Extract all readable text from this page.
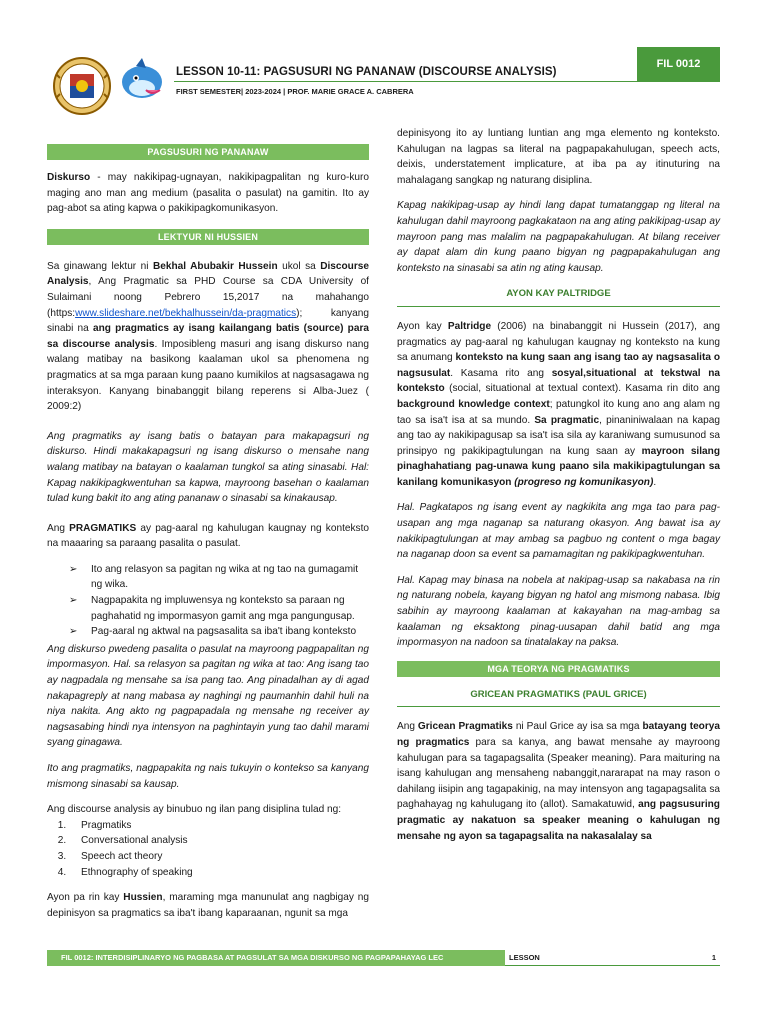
LESSON 10-11: PAGSUSURI NG PANANAW (DISCOURSE ANALYSIS)
FIRST SEMESTER| 2023-2024 | PROF. MARIE GRACE A. CABRERA
FIL 0012
PAGSUSURI NG PANANAW

Diskurso - may nakikipag-ugnayan, nakikipagpalitan ng kuro-kuro maging ano man ang medium (pasalita o pasulat) na gamitin. Ito ay pag-abot sa ating kapwa o pakikipagkomunikasyon.

LEKTYUR NI HUSSIEN

Sa ginawang lektur ni Bekhal Abubakir Hussein ukol sa Discourse Analysis, Ang Pragmatic sa PHD Course sa CDA University of Sulaimani noong Pebrero 15,2017 na mahahango (https:www.slideshare.net/bekhalhussein/da-pragmatics); kanyang sinabi na ang pragmatics ay isang kailangang batis (source) para sa discourse analysis. Imposibleng masuri ang isang diskurso nang walang matibay na basikong kaalaman ukol sa phenomena ng pragmatics at sa mga paraan kung paano kumikilos at nagsasagawa ng interaksyon. Kanyang binabanggit bilang reperens si Alba-Juez ( 2009:2)

Ang pragmatiks ay isang batis o batayan para makapagsuri ng diskurso. Hindi makakapagsuri ng isang diskurso o mensahe nang walang matibay na batayan o kaalaman tungkol sa ating sinasabi. Hal: Kapag nakikipagkwentuhan sa kapwa, mayroong basehan o kaalaman tulad kung bakit ito ang ating pananaw o sinasabi sa kinakausap.

Ang PRAGMATIKS ay pag-aaral ng kahulugan kaugnay ng konteksto na maaaring sa paraang pasalita o pasulat.

➢ Ito ang relasyon sa pagitan ng wika at ng tao na gumagamit ng wika.
➢ Nagpapakita ng impluwensya ng konteksto sa paraan ng paghahatid ng impormasyon gamit ang mga pangungusap.
➢ Pag-aaral ng aktwal na pagsasalita sa iba't ibang konteksto

Ang diskurso pwedeng pasalita o pasulat na mayroong pagpapalitan ng impormasyon. Hal. sa relasyon sa pagitan ng wika at tao: Ang isang tao ay nagpadala ng mensahe sa isa pang tao. Ang pinadalhan ay di agad nakapagreply at nang mabasa ay naghingi ng paumanhin dahil huli na niya nakita. Ang akto ng pagpapadala ng mensahe ng receiver ay nagsasabing hindi nya intensyon na paghintayin yung tao dahil marami syang ginagawa.

Ito ang pragmatiks, nagpapakita ng nais tukuyin o kontekso sa kanyang mismong sinasabi sa kausap.

Ang discourse analysis ay binubuo ng ilan pang disiplina tulad ng:

1. Pragmatiks
2. Conversational analysis
3. Speech act theory
4. Ethnography of speaking

Ayon pa rin kay Hussien, maraming mga manunulat ang nagbigay ng depinisyon sa pragmatics sa iba't ibang kaparaanan, ngunit sa mga

depinisyong ito ay luntiang luntian ang mga elemento ng konteksto. Kahulugan na lagpas sa literal na pagpapakahulugan, speech acts, deixis, understatement implicature, at iba pa ay itinuturing na mahalagang sangkap ng naturang disiplina.

Kapag nakikipag-usap ay hindi lang dapat tumatanggap ng literal na kahulugan dahil mayroong pagkakataon na ang ating pakikipag-usap ay mayroon pang mas malalim na pagpapakahulugan. At bilang receiver ay dapat alam din kung paano bigyan ng pagpapakahulugan ang konteksto na sinasabi sa atin ng ating kausap.

AYON KAY PALTRIDGE

Ayon kay Paltridge (2006) na binabanggit ni Hussein (2017), ang pragmatics ay pag-aaral ng kahulugan kaugnay ng konteksto na kung sa anumang konteksto na kung saan ang isang tao ay nagsasalita o nagsusulat. Kasama rito ang sosyal,situational at tekstwal na konteksto (social, situational at textual context). Kasama rin dito ang background knowledge context; patungkol ito kung ano ang alam ng tao sa isa't isa at sa mundo. Sa pragmatic, pinaniniwalaan na kapag ang tao ay nakikipagusap sa isa't isa sila ay karaniwang sumusunod sa prinsipyo ng pakikipagtulungan na kung saan ay mayroon silang pinaghahatiang pag-unawa kung paano sila makikipagtulungan sa kanilang komunikasyon (progreso ng komunikasyon).

Hal. Pagkatapos ng isang event ay nagkikita ang mga tao para pag-usapan ang mga naganap sa naturang okasyon. Ang bawat isa ay nakikipagtulungan at may ambag sa pagbuo ng content o mga bagay na naganap doon sa event sa pamamagitan ng pakikipagkwentuhan.

Hal. Kapag may binasa na nobela at nakipag-usap sa nakabasa na rin ng naturang nobela, kayang bigyan ng hatol ang mismong nabasa. Ibig sabihin ay mayroong kaalaman at kakayahan na mag-ambag sa kaalaman ng eksaktong pinag-uusapan dahil batid ang mga impormasyon na nadoon sa tinatalakay na paksa.

MGA TEORYA NG PRAGMATIKS
GRICEAN PRAGMATIKS (PAUL GRICE)

Ang Gricean Pragmatiks ni Paul Grice ay isa sa mga batayang teorya ng pragmatics para sa kanya, ang bawat mensahe ay mayroong kahulugan para sa tagapagsalita (Speaker meaning). Para maituring na isang kahulugan ang mensaheng nabanggit,nararapat na may rason o dahilang iisipin ang tagapakinig, na may intensyon ang tagapagsalita sa paghahayag ng kahulugang ito (allot). Samakatuwid, ang pagsusuring pragmatic ay nakatuon sa speaker meaning o kahulugan ng mensahe ng ayon sa tagapagsalita na nakasalalay sa

FIL 0012: INTERDISIPLINARYO NG PAGBASA AT PAGSULAT SA MGA DISKURSO NG PAGPAPAHAYAG LEC	LESSON	1
